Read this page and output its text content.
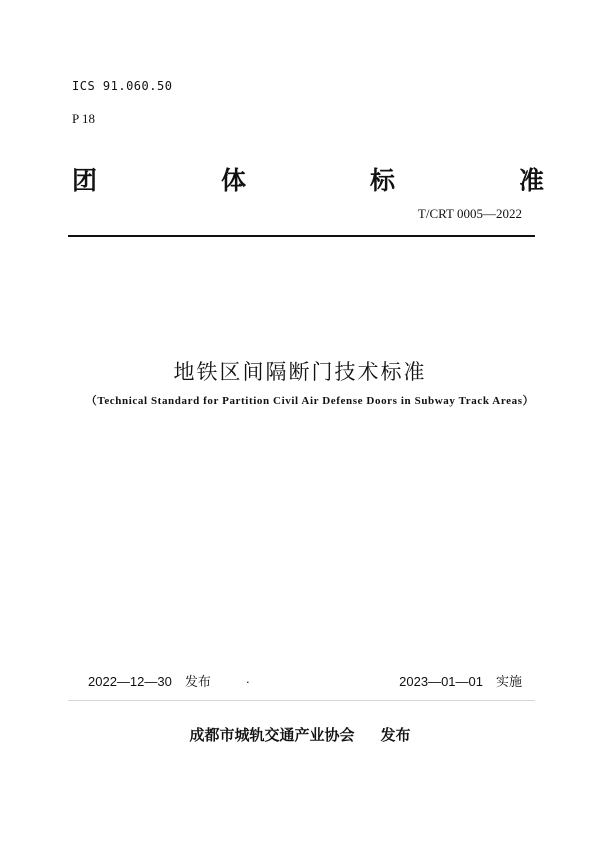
ICS 91.060.50
P 18
团	体	标	准
T/CRT 0005—2022
地铁区间隔断门技术标准
（Technical Standard for Partition Civil Air Defense Doors in Subway Track Areas）
2022—12—30　发布	.	2023—01—01　实施
成都市城轨交通产业协会 发布
